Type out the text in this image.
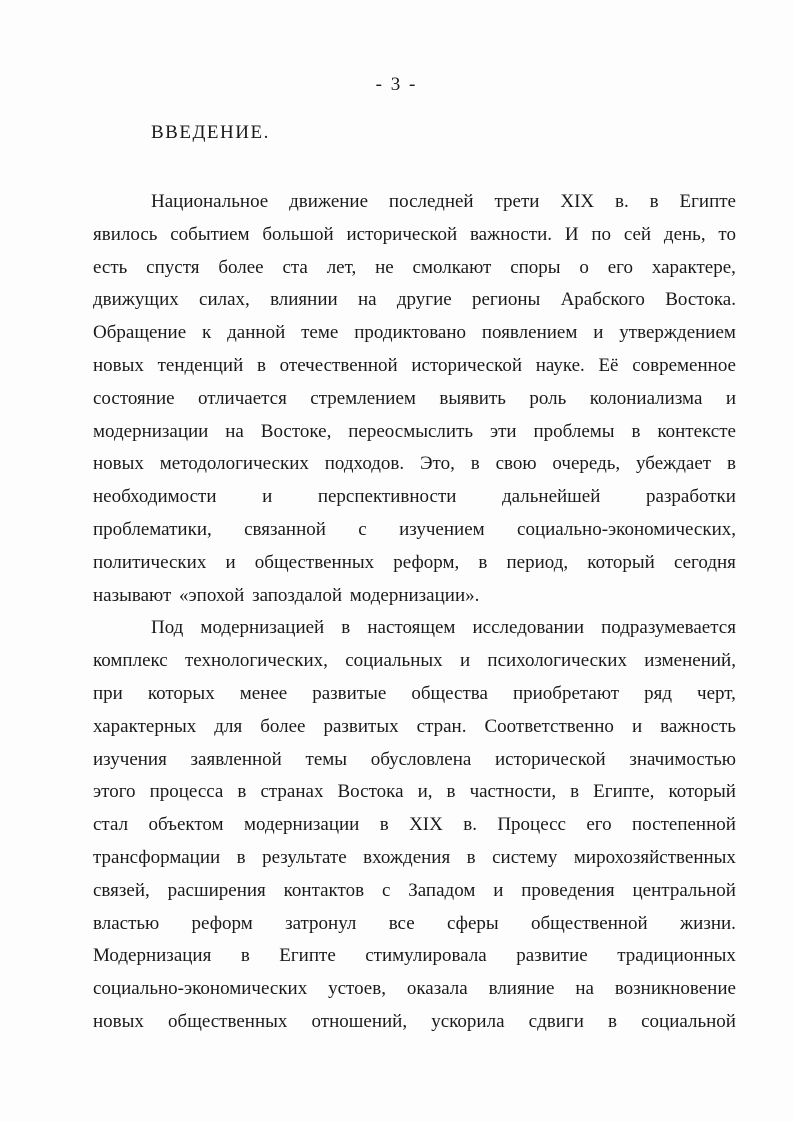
- 3 -
ВВЕДЕНИЕ.
Национальное движение последней трети XIX в. в Египте
явилось событием большой исторической важности. И по сей день, то
есть спустя более ста лет, не смолкают споры о его характере,
движущих силах, влиянии на другие регионы Арабского Востока.
Обращение к данной теме продиктовано появлением и утверждением
новых тенденций в отечественной исторической науке. Её современное
состояние отличается стремлением выявить роль колониализма и
модернизации на Востоке, переосмыслить эти проблемы в контексте
новых методологических подходов. Это, в свою очередь, убеждает в
необходимости и перспективности дальнейшей разработки
проблематики, связанной с изучением социально-экономических,
политических и общественных реформ, в период, который сегодня
называют «эпохой запоздалой модернизации».
Под модернизацией в настоящем исследовании подразумевается
комплекс технологических, социальных и психологических изменений,
при которых менее развитые общества приобретают ряд черт,
характерных для более развитых стран. Соответственно и важность
изучения заявленной темы обусловлена исторической значимостью
этого процесса в странах Востока и, в частности, в Египте, который
стал объектом модернизации в XIX в. Процесс его постепенной
трансформации в результате вхождения в систему мирохозяйственных
связей, расширения контактов с Западом и проведения центральной
властью реформ затронул все сферы общественной жизни.
Модернизация в Египте стимулировала развитие традиционных
социально-экономических устоев, оказала влияние на возникновение
новых общественных отношений, ускорила сдвиги в социальной
